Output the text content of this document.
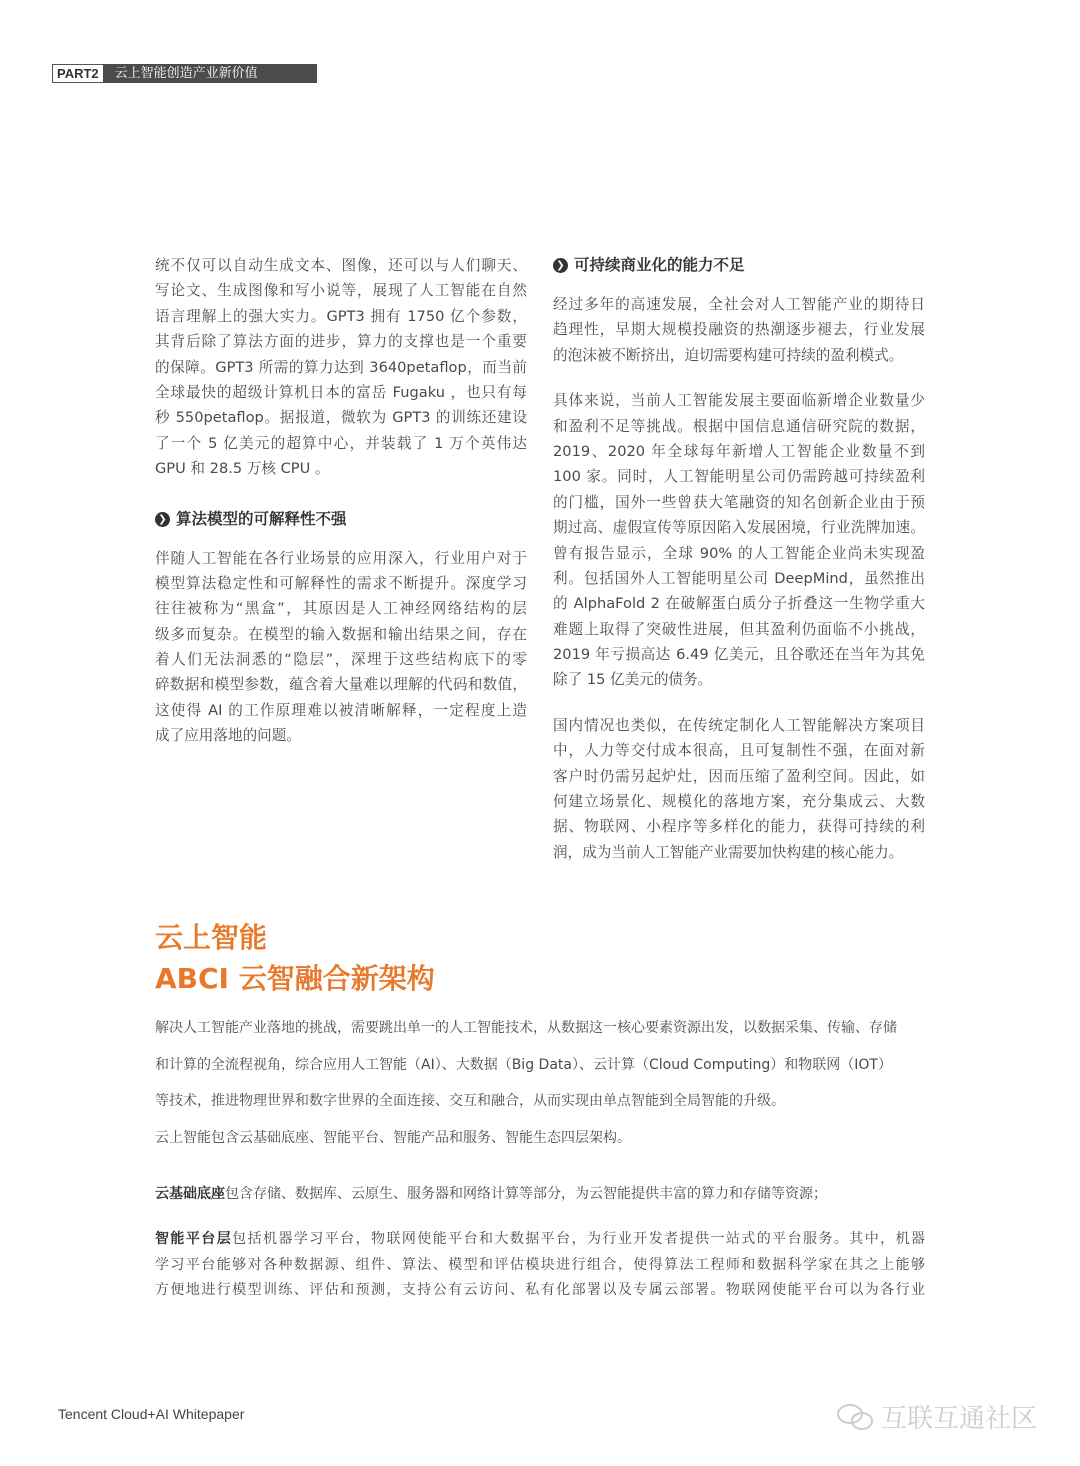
PART2	云上智能创造产业新价值
统不仅可以自动生成文本、图像，还可以与人们聊天、
写论文、生成图像和写小说等，展现了人工智能在自然
语言理解上的强大实力。GPT3 拥有 1750 亿个参数，
其背后除了算法方面的进步，算力的支撑也是一个重要
的保障。GPT3 所需的算力达到 3640petaflop，而当前
全球最快的超级计算机日本的富岳 Fugaku ，也只有每
秒 550petaflop。据报道，微软为 GPT3 的训练还建设
了一个 5 亿美元的超算中心，并装载了 1 万个英伟达
GPU 和 28.5 万核 CPU 。
❯ 算法模型的可解释性不强
伴随人工智能在各行业场景的应用深入，行业用户对于
模型算法稳定性和可解释性的需求不断提升。深度学习
往往被称为“黑盒”，其原因是人工神经网络结构的层
级多而复杂。在模型的输入数据和输出结果之间，存在
着人们无法洞悉的“隐层”，深埋于这些结构底下的零
碎数据和模型参数，蕴含着大量难以理解的代码和数值，
这使得 AI 的工作原理难以被清晰解释，一定程度上造
成了应用落地的问题。
❯ 可持续商业化的能力不足
经过多年的高速发展，全社会对人工智能产业的期待日
趋理性，早期大规模投融资的热潮逐步褪去，行业发展
的泡沫被不断挤出，迫切需要构建可持续的盈利模式。
具体来说，当前人工智能发展主要面临新增企业数量少
和盈利不足等挑战。根据中国信息通信研究院的数据，
2019、2020 年全球每年新增人工智能企业数量不到
100 家。同时，人工智能明星公司仍需跨越可持续盈利
的门槛，国外一些曾获大笔融资的知名创新企业由于预
期过高、虚假宣传等原因陷入发展困境，行业洗牌加速。
曾有报告显示，全球 90% 的人工智能企业尚未实现盈
利。包括国外人工智能明星公司 DeepMind，虽然推出
的 AlphaFold 2 在破解蛋白质分子折叠这一生物学重大
难题上取得了突破性进展，但其盈利仍面临不小挑战，
2019 年亏损高达 6.49 亿美元，且谷歌还在当年为其免
除了 15 亿美元的债务。
国内情况也类似，在传统定制化人工智能解决方案项目
中，人力等交付成本很高，且可复制性不强，在面对新
客户时仍需另起炉灶，因而压缩了盈利空间。因此，如
何建立场景化、规模化的落地方案，充分集成云、大数
据、物联网、小程序等多样化的能力，获得可持续的利
润，成为当前人工智能产业需要加快构建的核心能力。
云上智能
ABCI 云智融合新架构
解决人工智能产业落地的挑战，需要跳出单一的人工智能技术，从数据这一核心要素资源出发，以数据采集、传输、存储
和计算的全流程视角，综合应用人工智能（AI）、大数据（Big Data）、云计算（Cloud Computing）和物联网（IOT）
等技术，推进物理世界和数字世界的全面连接、交互和融合，从而实现由单点智能到全局智能的升级。
云上智能包含云基础底座、智能平台、智能产品和服务、智能生态四层架构。
云基础底座包含存储、数据库、云原生、服务器和网络计算等部分，为云智能提供丰富的算力和存储等资源；
智能平台层包括机器学习平台，物联网使能平台和大数据平台，为行业开发者提供一站式的平台服务。其中，机器
学习平台能够对各种数据源、组件、算法、模型和评估模块进行组合，使得算法工程师和数据科学家在其之上能够
方便地进行模型训练、评估和预测，支持公有云访问、私有化部署以及专属云部署。物联网使能平台可以为各行业
Tencent Cloud+AI Whitepaper	互联互通社区
